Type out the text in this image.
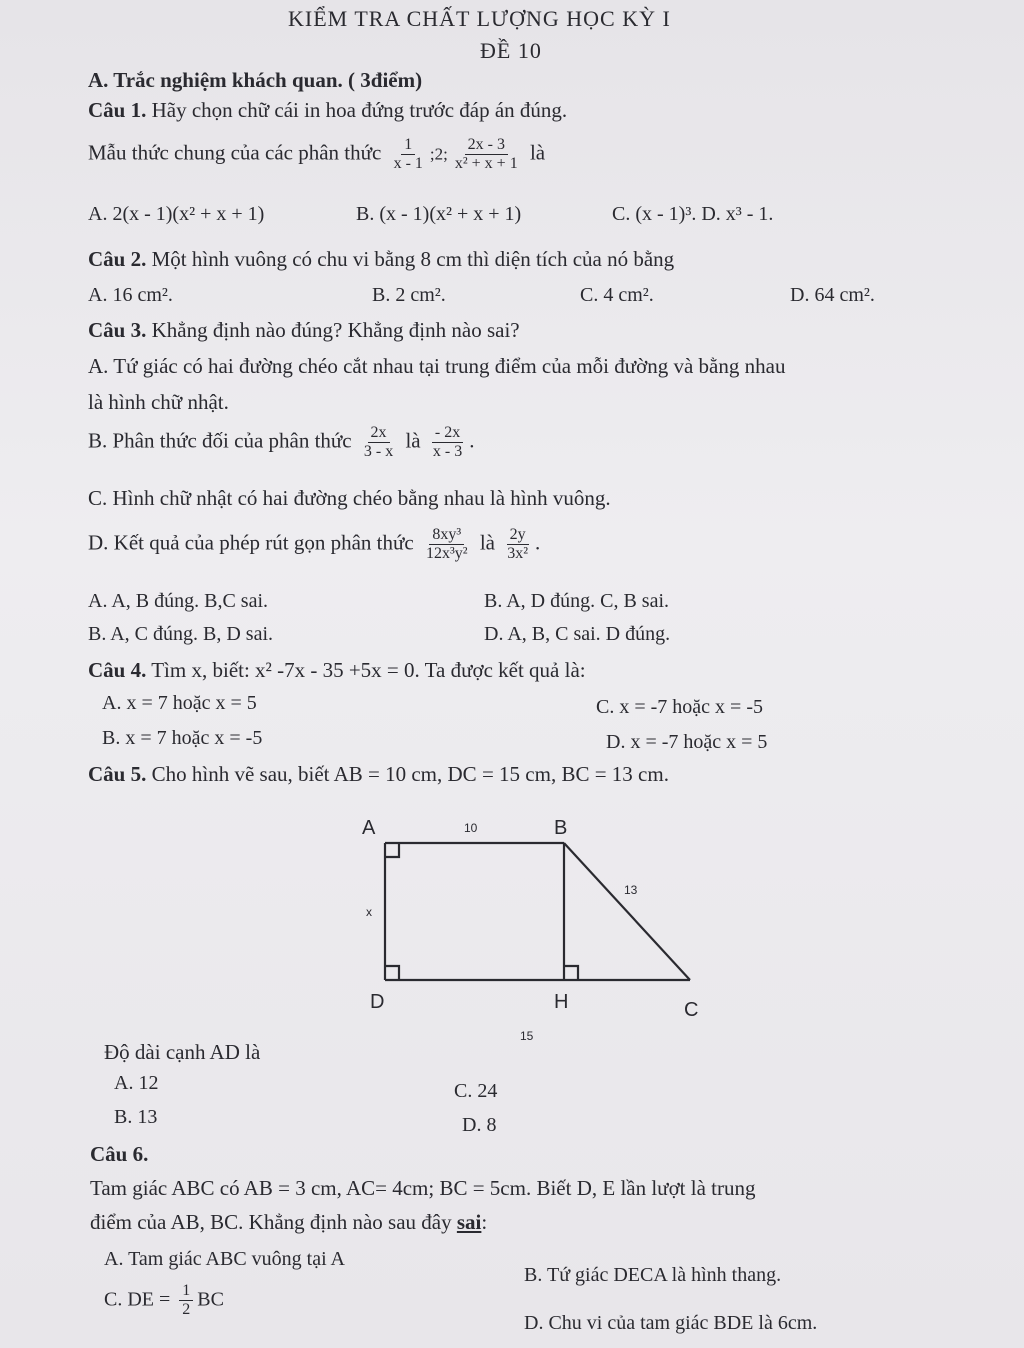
KIỂM TRA CHẤT LƯỢNG HỌC KỲ I
ĐỀ 10
A. Trắc nghiệm khách quan. ( 3điểm)
Câu 1. Hãy chọn chữ cái in hoa đứng trước đáp án đúng.
Mẫu thức chung của các phân thức $\frac{1}{x - 1}$ ;2; $\frac{2x - 3}{\text{x² + x + 1}}$ là
A. 2(x - 1)(x² + x + 1)	B. (x - 1)(x² + x + 1)	C. (x - 1)³. D. x³ - 1.
Câu 2. Một hình vuông có chu vi bằng 8 cm thì diện tích của nó bằng
A. 16 cm².	B. 2 cm².	C. 4 cm².	D. 64 cm².
Câu 3. Khẳng định nào đúng? Khẳng định nào sai?
A. Tứ giác có hai đường chéo cắt nhau tại trung điểm của mỗi đường và bằng nhau
là hình chữ nhật.
B. Phân thức đối của phân thức $\frac{2x}{3 - x}$ là $\frac{- 2x}{x - 3}$ .
C. Hình chữ nhật có hai đường chéo bằng nhau là hình vuông.
D. Kết quả của phép rút gọn phân thức $\frac{\text{8xy³}}{\text{12x³y²}}$ là $\frac{2y}{\text{3x²}}$ .
A. A, B đúng. B,C sai.	B. A, D đúng. C, B sai.
B. A, C đúng. B, D sai.	D. A, B, C sai. D đúng.
Câu 4. Tìm x, biết: x² -7x - 35 +5x = 0. Ta được kết quả là:
A. x = 7 hoặc x = 5	C. x = -7 hoặc x = -5
B. x = 7 hoặc x = -5	D. x = -7 hoặc x = 5
Câu 5. Cho hình vẽ sau, biết AB = 10 cm, DC = 15 cm, BC = 13 cm.
A	B
C
D	H
10
13
x
15
Độ dài cạnh AD là
A. 12	C. 24
B. 13	D. 8
Câu 6.
Tam giác ABC có AB = 3 cm, AC= 4cm; BC = 5cm. Biết D, E lần lượt là trung
điểm của AB, BC. Khẳng định nào sau đây sai:
A. Tam giác ABC vuông tại A
B. Tứ giác DECA là hình thang.
C. DE = $\frac{1}{2}$ BC
D. Chu vi của tam giác BDE là 6cm.
